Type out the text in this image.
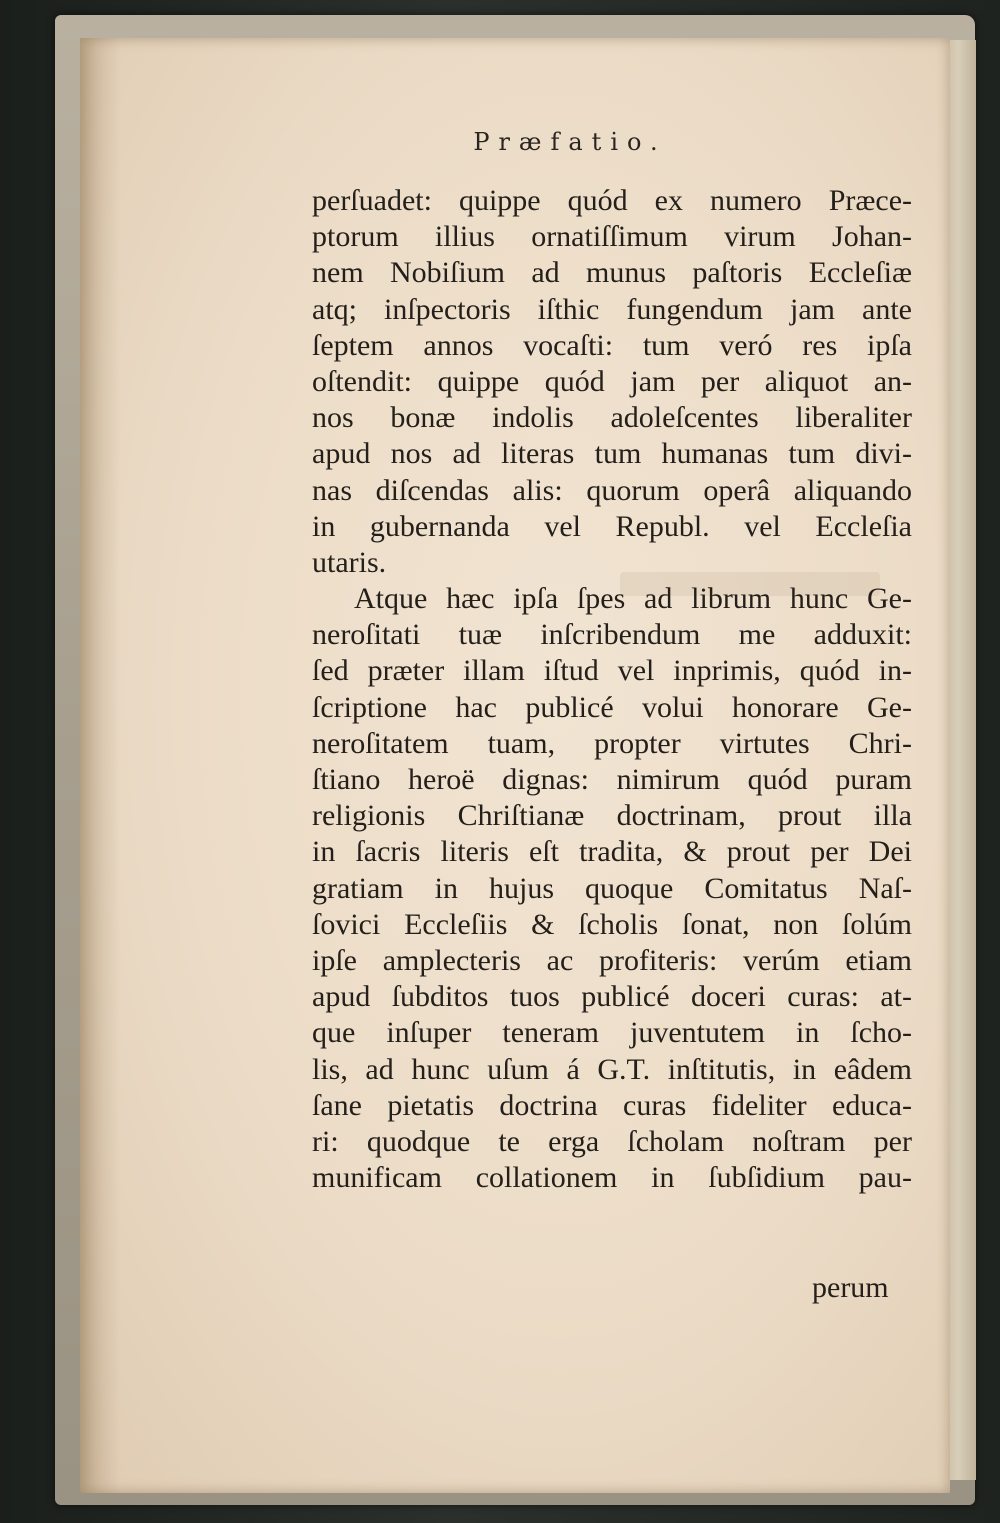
Præfatio.
perſuadet: quippe quód ex numero Præce-
ptorum illius ornatiſſimum virum Johan-
nem Nobiſium ad munus paſtoris Eccleſiæ
atq; inſpectoris iſthic fungendum jam ante
ſeptem annos vocaſti: tum veró res ipſa
oſtendit: quippe quód jam per aliquot an-
nos bonæ indolis adoleſcentes liberaliter
apud nos ad literas tum humanas tum divi-
nas diſcendas alis: quorum operâ aliquando
in gubernanda vel Republ. vel Eccleſia
utaris.
Atque hæc ipſa ſpes ad librum hunc Ge-
neroſitati tuæ inſcribendum me adduxit:
ſed præter illam iſtud vel inprimis, quód in-
ſcriptione hac publicé volui honorare Ge-
neroſitatem tuam, propter virtutes Chri-
ſtiano heroë dignas: nimirum quód puram
religionis Chriſtianæ doctrinam, prout illa
in ſacris literis eſt tradita, & prout per Dei
gratiam in hujus quoque Comitatus Naſ-
ſovici Eccleſiis & ſcholis ſonat, non ſolúm
ipſe amplecteris ac profiteris: verúm etiam
apud ſubditos tuos publicé doceri curas: at-
que inſuper teneram juventutem in ſcho-
lis, ad hunc uſum á G.T. inſtitutis, in eâdem
ſane pietatis doctrina curas fideliter educa-
ri: quodque te erga ſcholam noſtram per
munificam collationem in ſubſidium pau-
perum
